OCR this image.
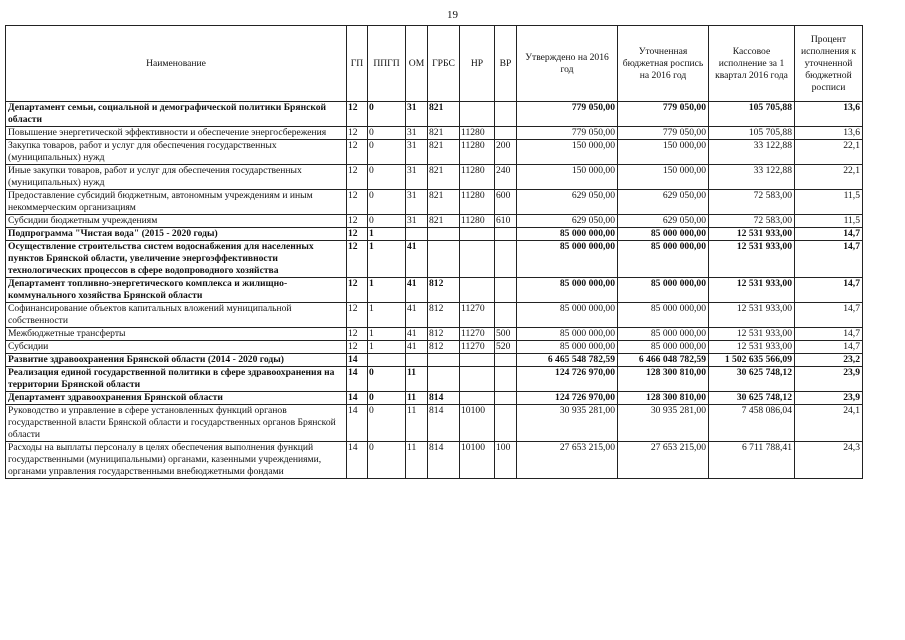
19
Наименование	ГП	ППГП	ОМ	ГРБС	НР	ВР	Утверждено на 2016 год	Уточненная бюджетная роспись на 2016 год	Кассовое исполнение за 1 квартал 2016 года	Процент исполнения к уточненной бюджетной росписи
Департамент семьи, социальной и демографической политики Брянской области	12	0	31	821			779 050,00	779 050,00	105 705,88	13,6
Повышение энергетической эффективности и обеспечение энергосбережения	12	0	31	821	11280		779 050,00	779 050,00	105 705,88	13,6
Закупка товаров, работ и услуг для обеспечения государственных (муниципальных) нужд	12	0	31	821	11280	200	150 000,00	150 000,00	33 122,88	22,1
Иные закупки товаров, работ и услуг для обеспечения государственных (муниципальных) нужд	12	0	31	821	11280	240	150 000,00	150 000,00	33 122,88	22,1
Предоставление субсидий бюджетным, автономным учреждениям и иным некоммерческим организациям	12	0	31	821	11280	600	629 050,00	629 050,00	72 583,00	11,5
Субсидии бюджетным учреждениям	12	0	31	821	11280	610	629 050,00	629 050,00	72 583,00	11,5
Подпрограмма "Чистая вода" (2015 - 2020 годы)	12	1					85 000 000,00	85 000 000,00	12 531 933,00	14,7
Осуществление строительства систем водоснабжения для населенных пунктов Брянской области, увеличение энергоэффективности технологических процессов в сфере водопроводного хозяйства	12	1	41				85 000 000,00	85 000 000,00	12 531 933,00	14,7
Департамент топливно-энергетического комплекса и жилищно-коммунального хозяйства Брянской области	12	1	41	812			85 000 000,00	85 000 000,00	12 531 933,00	14,7
Софинансирование объектов капитальных вложений муниципальной собственности	12	1	41	812	11270		85 000 000,00	85 000 000,00	12 531 933,00	14,7
Межбюджетные трансферты	12	1	41	812	11270	500	85 000 000,00	85 000 000,00	12 531 933,00	14,7
Субсидии	12	1	41	812	11270	520	85 000 000,00	85 000 000,00	12 531 933,00	14,7
Развитие здравоохранения Брянской области (2014 - 2020 годы)	14						6 465 548 782,59	6 466 048 782,59	1 502 635 566,09	23,2
Реализация единой государственной политики в сфере здравоохранения на территории Брянской области	14	0	11				124 726 970,00	128 300 810,00	30 625 748,12	23,9
Департамент здравоохранения Брянской области	14	0	11	814			124 726 970,00	128 300 810,00	30 625 748,12	23,9
Руководство и управление в сфере установленных функций органов государственной власти Брянской области и государственных органов Брянской области	14	0	11	814	10100		30 935 281,00	30 935 281,00	7 458 086,04	24,1
Расходы на выплаты персоналу в целях обеспечения выполнения функций государственными (муниципальными) органами, казенными учреждениями, органами управления государственными внебюджетными фондами	14	0	11	814	10100	100	27 653 215,00	27 653 215,00	6 711 788,41	24,3
